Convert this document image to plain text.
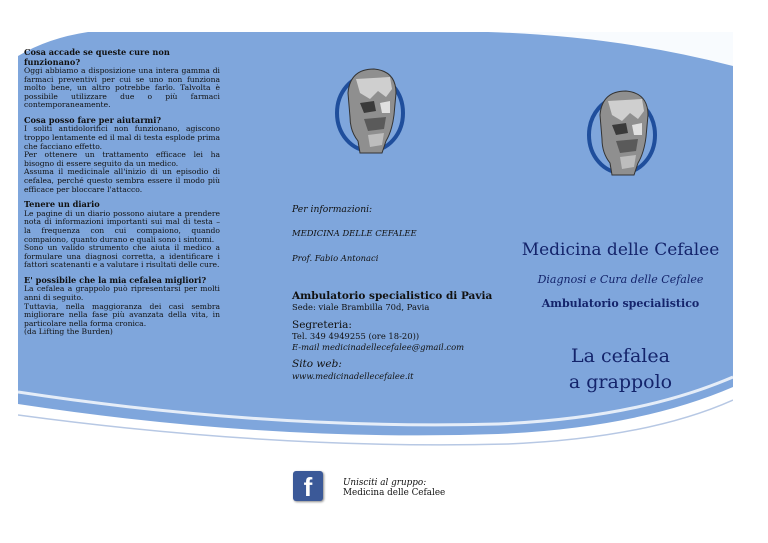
Cosa accade se queste cure non funzionano?

Oggi abbiamo a disposizione una intera gamma di farmaci preventivi per cui se uno non funziona molto bene, un altro potrebbe farlo. Talvolta è possibile utilizzare due o più farmaci contemporaneamente.

Cosa posso fare per aiutarmi?

I soliti antidolorifici non funzionano, agiscono troppo lentamente ed il mal di testa esplode prima che facciano effetto.
Per ottenere un trattamento efficace lei ha bisogno di essere seguito da un medico.
Assuma il medicinale all'inizio di un episodio di cefalea, perché questo sembra essere il modo più efficace per bloccare l'attacco.

Tenere un diario

Le pagine di un diario possono aiutare a prendere nota di informazioni importanti sui mal di testa – la frequenza con cui compaiono, quando compaiono, quanto durano e quali sono i sintomi.
Sono un valido strumento che aiuta il medico a formulare una diagnosi corretta, a identificare i fattori scatenanti e a valutare i risultati delle cure.

E' possibile che la mia cefalea migliori?

La cefalea a grappolo può ripresentarsi per molti anni di seguito.
Tuttavia, nella maggioranza dei casi sembra migliorare nella fase più avanzata della vita, in particolare nella forma cronica.
(da Lifting the Burden)

Per informazioni:
MEDICINA DELLE CEFALEE
Prof. Fabio Antonaci
Ambulatorio specialistico di Pavia
Sede: viale Brambilla 70d, Pavia
Segreteria:
Tel. 349 4949255 (ore 18-20))
E-mail medicinadellecefalee@gmail.com
Sito web:
www.medicinadellecefalee.it
Medicina delle Cefalee
Diagnosi e Cura delle Cefalee
Ambulatorio specialistico
La cefalea
a grappolo
f	Unisciti al gruppo:
Medicina delle Cefalee
